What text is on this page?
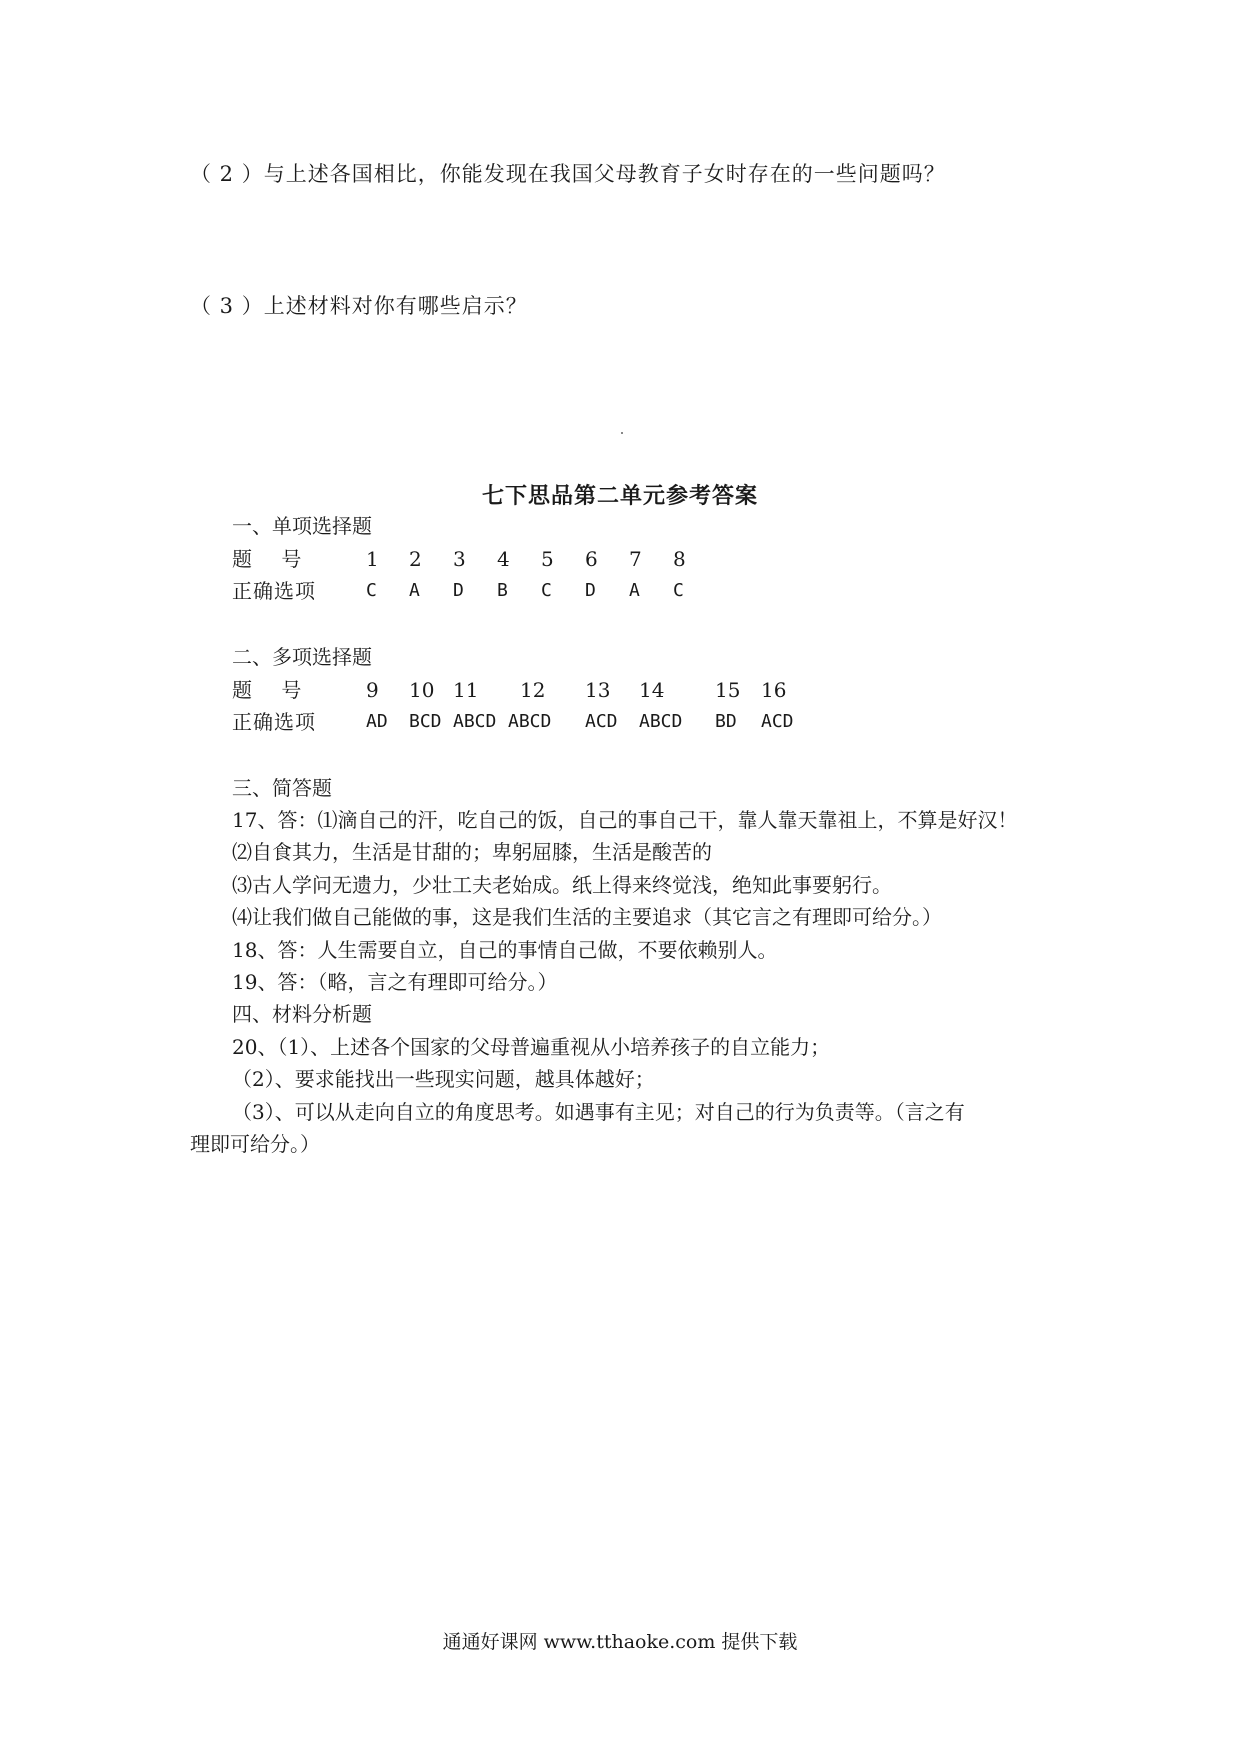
（ 2 ）与上述各国相比，你能发现在我国父母教育子女时存在的一些问题吗？
（ 3 ）上述材料对你有哪些启示？
七下思品第二单元参考答案
一、单项选择题
题　 号	1 2 3 4 5 6 7 8
正确选项	C A D B C D A C
二、多项选择题
题　 号	9 10 11 12 13 14	15 16
正确选项	AD BCD ABCD ABCD ACD ABCD BD ACD
三、简答题
17、答：⑴滴自己的汗，吃自己的饭，自己的事自己干，靠人靠天靠祖上，不算是好汉！
⑵自食其力，生活是甘甜的；卑躬屈膝，生活是酸苦的
⑶古人学问无遗力，少壮工夫老始成。纸上得来终觉浅，绝知此事要躬行。
⑷让我们做自己能做的事，这是我们生活的主要追求（其它言之有理即可给分。）
18、答：人生需要自立，自己的事情自己做，不要依赖别人。
19、答：（略，言之有理即可给分。）
四、材料分析题
20、（1）、上述各个国家的父母普遍重视从小培养孩子的自立能力；
（2）、要求能找出一些现实问题，越具体越好；
（3）、可以从走向自立的角度思考。如遇事有主见；对自己的行为负责等。（言之有
理即可给分。）
通通好课网 www.tthaoke.com 提供下载
